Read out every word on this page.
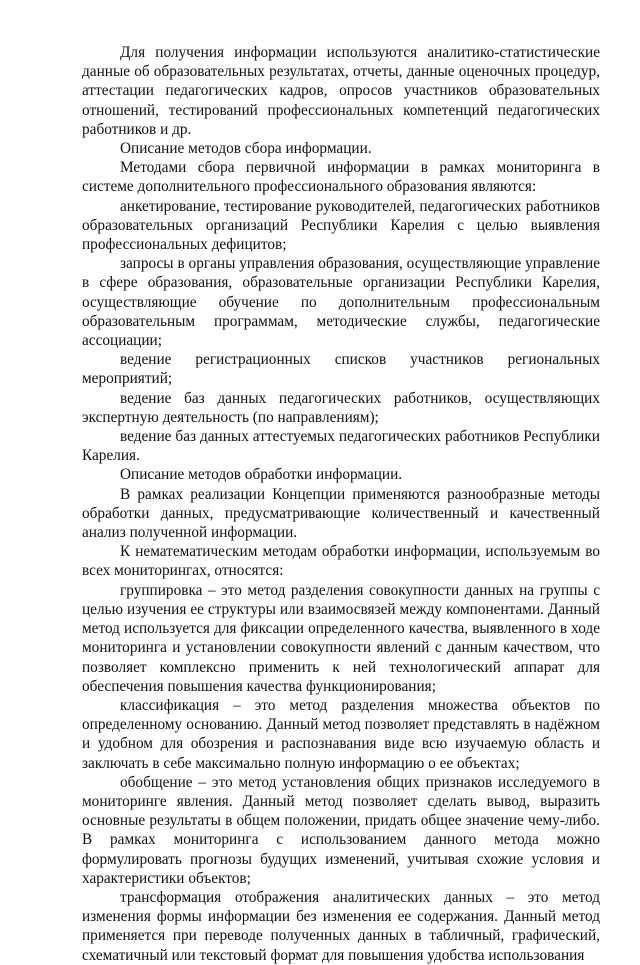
Для получения информации используются аналитико-статистические данные об образовательных результатах, отчеты, данные оценочных процедур, аттестации педагогических кадров, опросов участников образовательных отношений, тестирований профессиональных компетенций педагогических работников и др.

Описание методов сбора информации.

Методами сбора первичной информации в рамках мониторинга в системе дополнительного профессионального образования являются:

анкетирование, тестирование руководителей, педагогических работников образовательных организаций Республики Карелия с целью выявления профессиональных дефицитов;

запросы в органы управления образования, осуществляющие управление в сфере образования, образовательные организации Республики Карелия, осуществляющие обучение по дополнительным профессиональным образовательным программам, методические службы, педагогические ассоциации;

ведение регистрационных списков участников региональных мероприятий;

ведение баз данных педагогических работников, осуществляющих экспертную деятельность (по направлениям);

ведение баз данных аттестуемых педагогических работников Республики Карелия.

Описание методов обработки информации.

В рамках реализации Концепции применяются разнообразные методы обработки данных, предусматривающие количественный и качественный анализ полученной информации.

К нематематическим методам обработки информации, используемым во всех мониторингах, относятся:

группировка – это метод разделения совокупности данных на группы с целью изучения ее структуры или взаимосвязей между компонентами. Данный метод используется для фиксации определенного качества, выявленного в ходе мониторинга и установлении совокупности явлений с данным качеством, что позволяет комплексно применить к ней технологический аппарат для обеспечения повышения качества функционирования;

классификация – это метод разделения множества объектов по определенному основанию. Данный метод позволяет представлять в надёжном и удобном для обозрения и распознавания виде всю изучаемую область и заключать в себе максимально полную информацию о ее объектах;

обобщение – это метод установления общих признаков исследуемого в мониторинге явления. Данный метод позволяет сделать вывод, выразить основные результаты в общем положении, придать общее значение чему-либо. В рамках мониторинга с использованием данного метода можно формулировать прогнозы будущих изменений, учитывая схожие условия и характеристики объектов;

трансформация отображения аналитических данных – это метод изменения формы информации без изменения ее содержания. Данный метод применяется при переводе полученных данных в табличный, графический, схематичный или текстовый формат для повышения удобства использования
